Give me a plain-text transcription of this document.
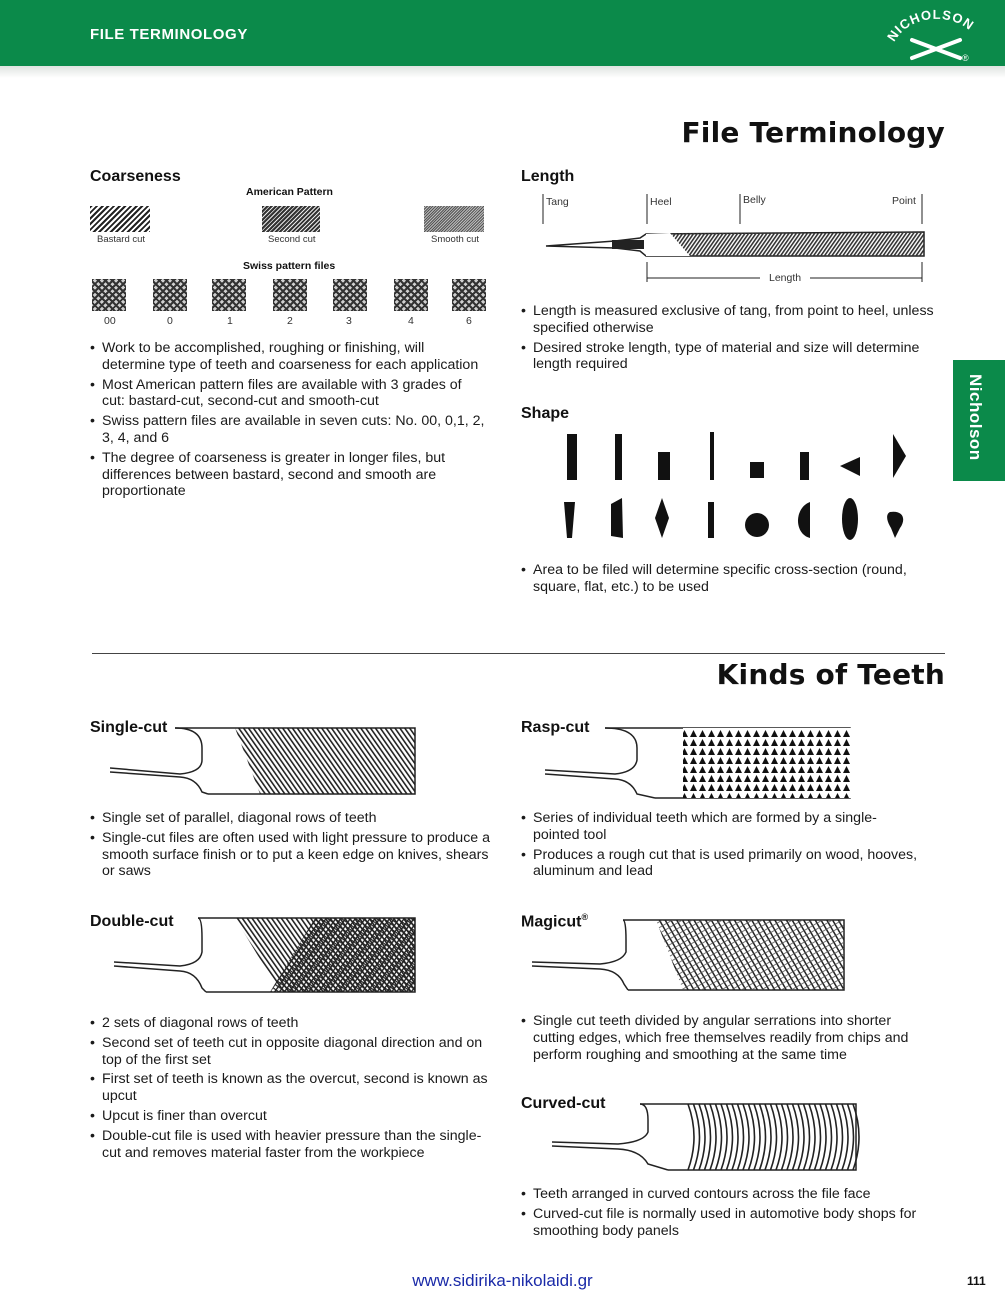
FILE TERMINOLOGY	NICHOLSON
®
File Terminology
Coarseness
American Pattern
Bastard cut	Second cut	Smooth cut
Swiss pattern files
00	0	1	2	3	4	6
• Work to be accomplished, roughing or finishing, will determine type of teeth and coarseness for each application
• Most American pattern files are available with 3 grades of cut: bastard-cut, second-cut and smooth-cut
• Swiss pattern files are available in seven cuts: No. 00, 0,1, 2, 3, 4, and 6
• The degree of coarseness is greater in longer files, but differences between bastard, second and smooth are proportionate
Length
Tang	Heel	Belly	Point
Length
• Length is measured exclusive of tang, from point to heel, unless specified otherwise
• Desired stroke length, type of material and size will determine length required
Shape
• Area to be filed will determine specific cross-section (round, square, flat, etc.) to be used
Nicholson
Kinds of Teeth
Single-cut
• Single set of parallel, diagonal rows of teeth
• Single-cut files are often used with light pressure to produce a smooth surface finish or to put a keen edge on knives, shears or saws
Double-cut
• 2 sets of diagonal rows of teeth
• Second set of teeth cut in opposite diagonal direction and on top of the first set
• First set of teeth is known as the overcut, second is known as upcut
• Upcut is finer than overcut
• Double-cut file is used with heavier pressure than the single-cut and removes material faster from the workpiece
Rasp-cut
• Series of individual teeth which are formed by a single-pointed tool
• Produces a rough cut that is used primarily on wood, hooves, aluminum and lead
Magicut®
• Single cut teeth divided by angular serrations into shorter cutting edges, which free themselves readily from chips and perform roughing and smoothing at the same time
Curved-cut
• Teeth arranged in curved contours across the file face
• Curved-cut file is normally used in automotive body shops for smoothing body panels
www.sidirika-nikolaidi.gr	111
